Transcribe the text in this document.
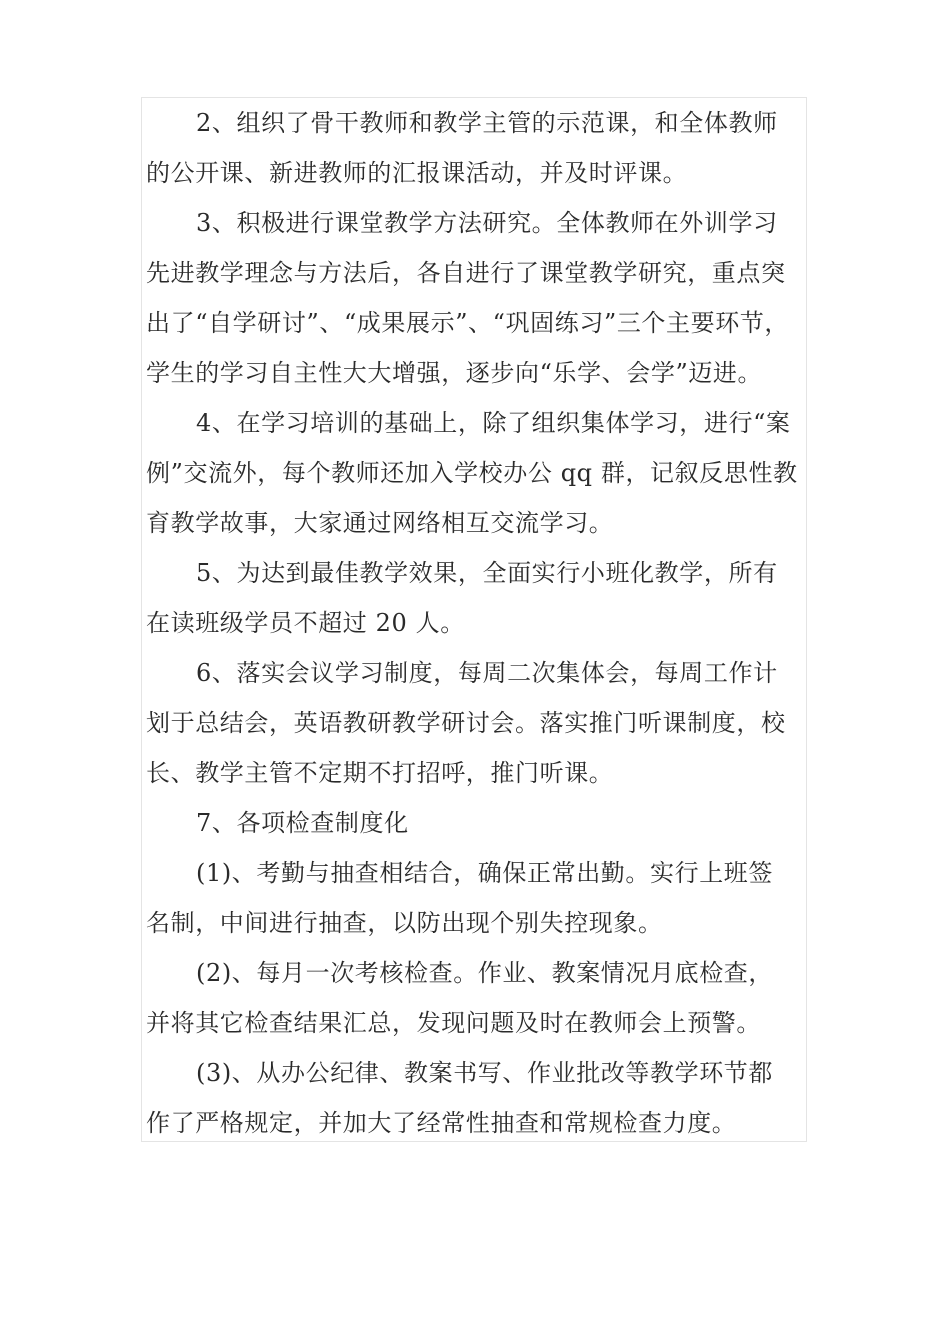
2、组织了骨干教师和教学主管的示范课，和全体教师
的公开课、新进教师的汇报课活动，并及时评课。

3、积极进行课堂教学方法研究。全体教师在外训学习
先进教学理念与方法后，各自进行了课堂教学研究，重点突
出了“自学研讨”、“成果展示”、“巩固练习”三个主要环节，
学生的学习自主性大大增强，逐步向“乐学、会学”迈进。

4、在学习培训的基础上，除了组织集体学习，进行“案
例”交流外，每个教师还加入学校办公 qq 群，记叙反思性教
育教学故事，大家通过网络相互交流学习。

5、为达到最佳教学效果，全面实行小班化教学，所有
在读班级学员不超过 20 人。

6、落实会议学习制度，每周二次集体会，每周工作计
划于总结会，英语教研教学研讨会。落实推门听课制度，校
长、教学主管不定期不打招呼，推门听课。

7、各项检查制度化

(1)、考勤与抽查相结合，确保正常出勤。实行上班签
名制，中间进行抽查，以防出现个别失控现象。

(2)、每月一次考核检查。作业、教案情况月底检查，
并将其它检查结果汇总，发现问题及时在教师会上预警。

(3)、从办公纪律、教案书写、作业批改等教学环节都
作了严格规定，并加大了经常性抽查和常规检查力度。
